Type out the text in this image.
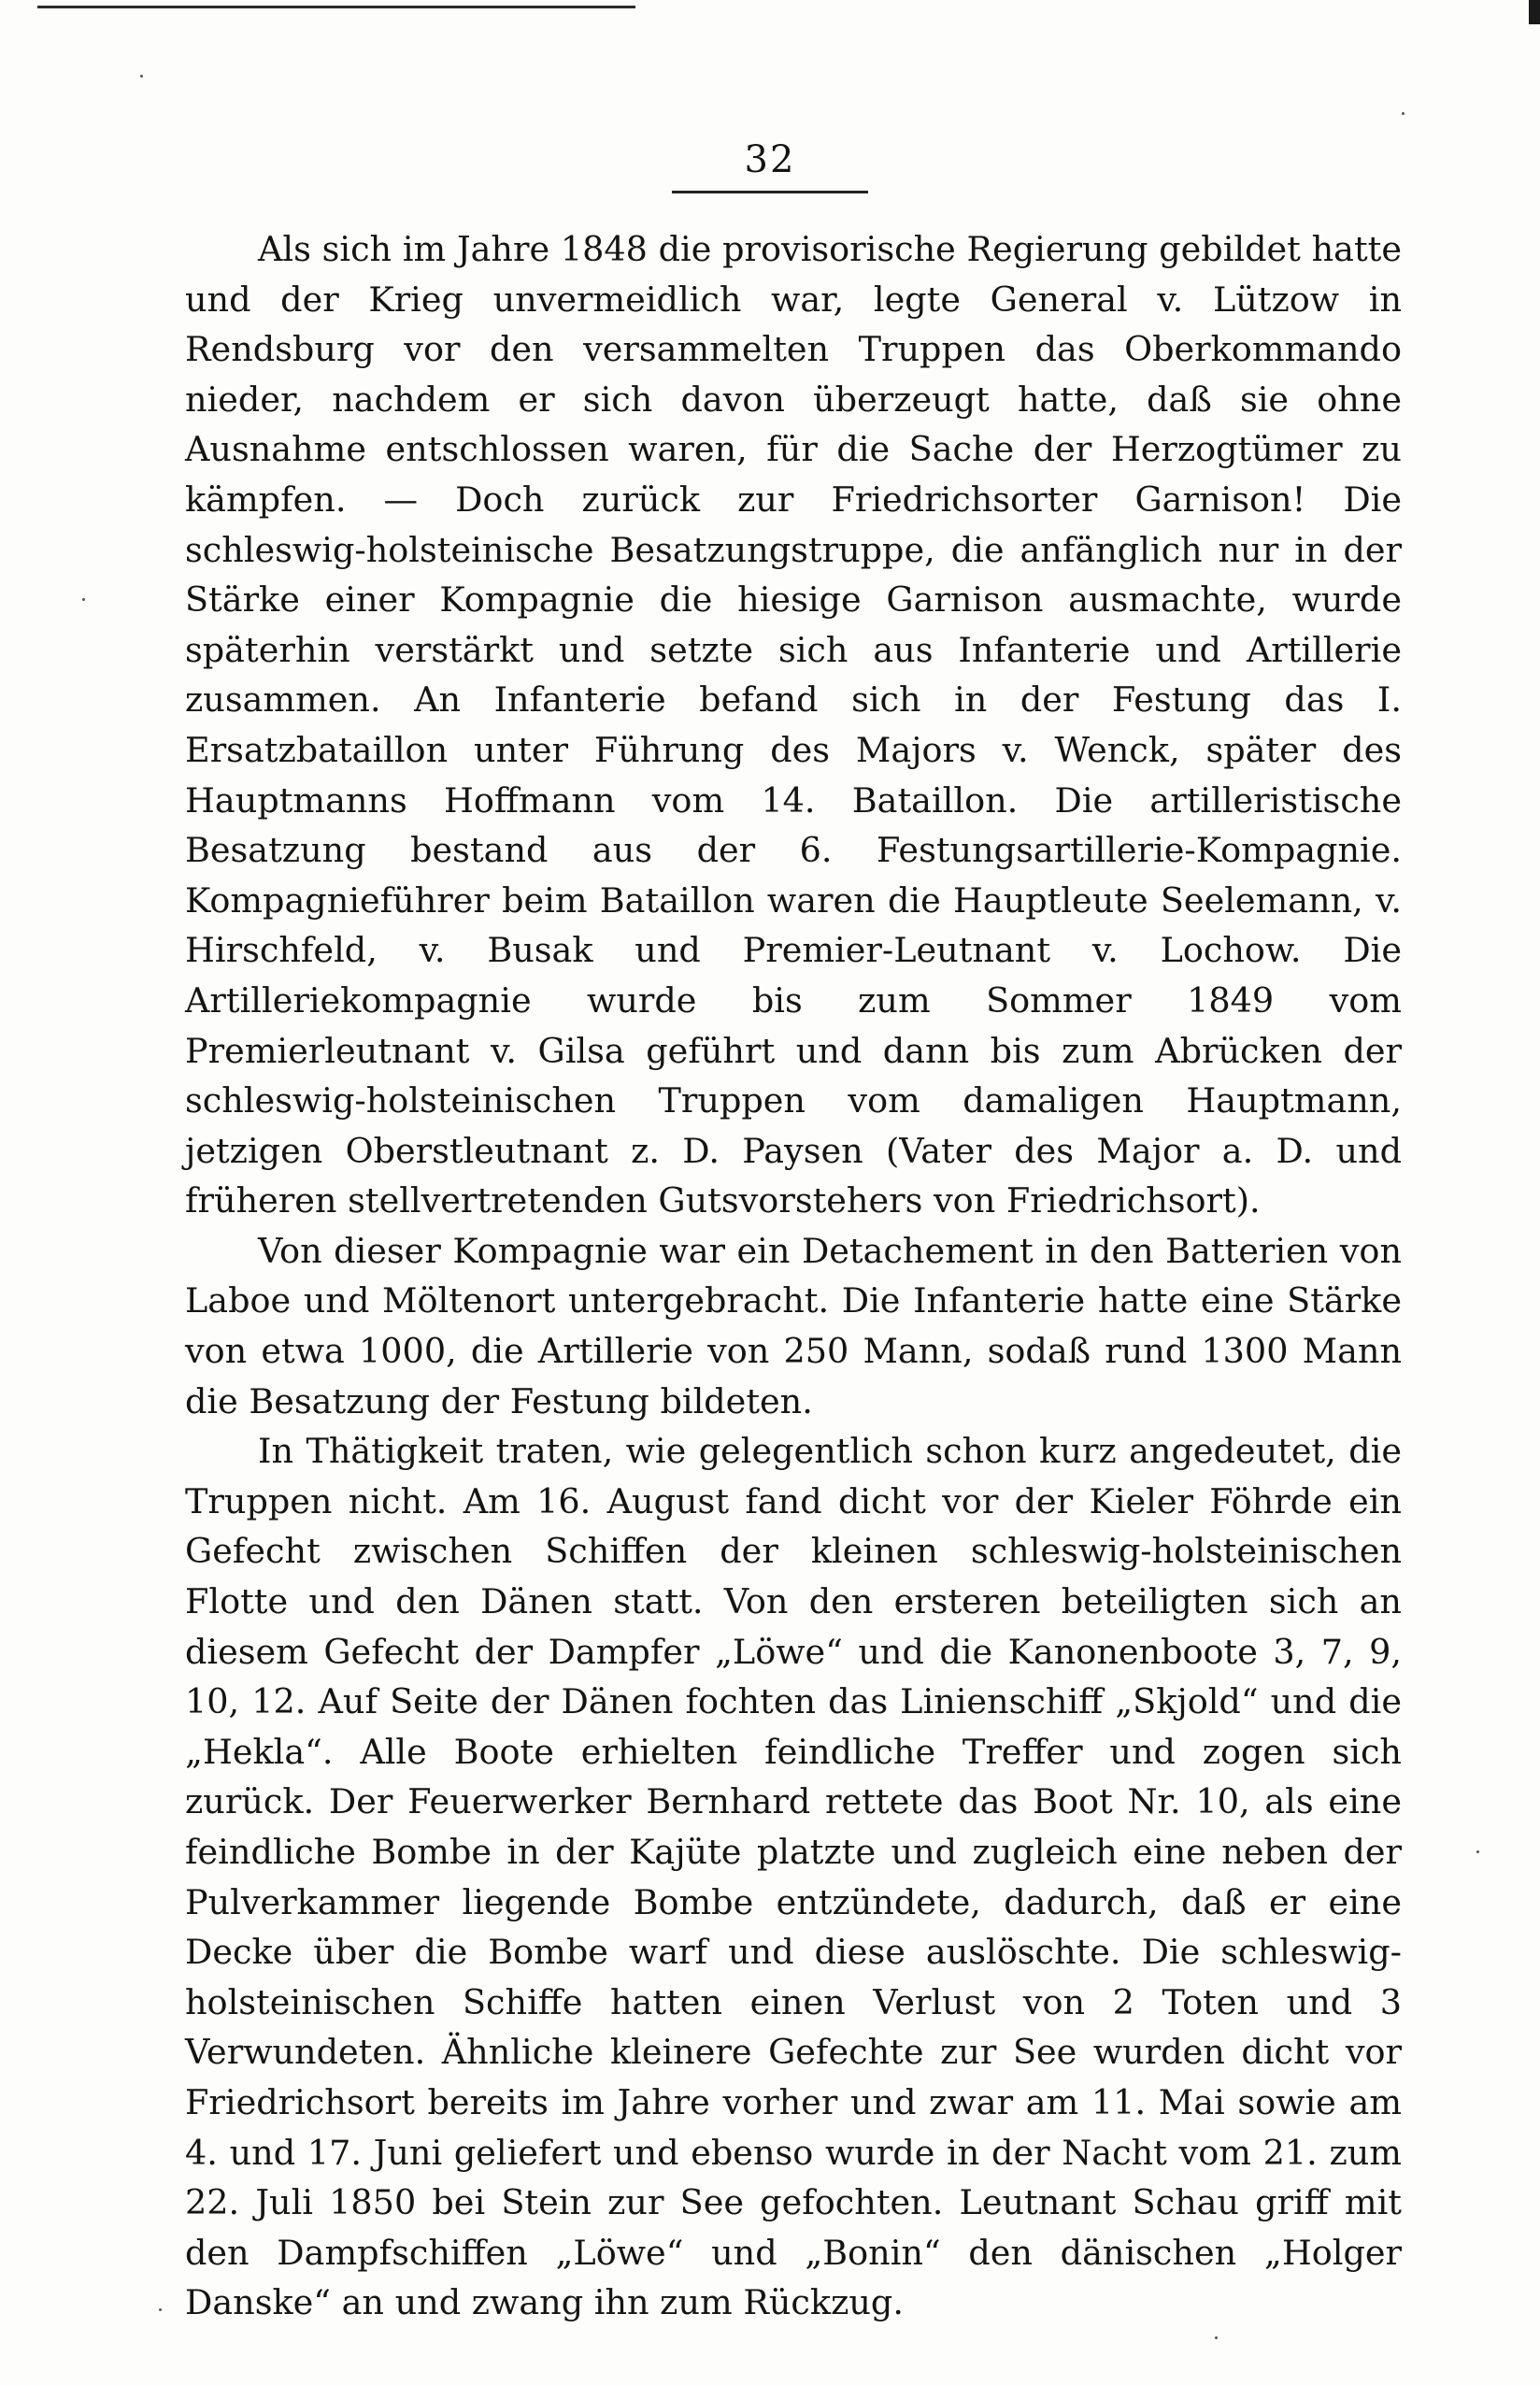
32

Als sich im Jahre 1848 die provisorische Regierung gebildet hatte und der Krieg unvermeidlich war, legte General v. Lützow in Rendsburg vor den versammelten Truppen das Oberkommando nieder, nachdem er sich davon überzeugt hatte, daß sie ohne Ausnahme entschlossen waren, für die Sache der Herzogtümer zu kämpfen. — Doch zurück zur Friedrichsorter Garnison! Die schleswig-holsteinische Besatzungstruppe, die anfänglich nur in der Stärke einer Kompagnie die hiesige Garnison ausmachte, wurde späterhin verstärkt und setzte sich aus Infanterie und Artillerie zusammen. An Infanterie befand sich in der Festung das I. Ersatzbataillon unter Führung des Majors v. Wenck, später des Hauptmanns Hoffmann vom 14. Bataillon. Die artilleristische Besatzung bestand aus der 6. Festungsartillerie-Kompagnie. Kompagnieführer beim Bataillon waren die Hauptleute Seelemann, v. Hirschfeld, v. Busak und Premier-Leutnant v. Lochow. Die Artilleriekompagnie wurde bis zum Sommer 1849 vom Premierleutnant v. Gilsa geführt und dann bis zum Abrücken der schleswig-holsteinischen Truppen vom damaligen Hauptmann, jetzigen Oberstleutnant z. D. Paysen (Vater des Major a. D. und früheren stellvertretenden Gutsvorstehers von Friedrichsort).

Von dieser Kompagnie war ein Detachement in den Batterien von Laboe und Möltenort untergebracht. Die Infanterie hatte eine Stärke von etwa 1000, die Artillerie von 250 Mann, sodaß rund 1300 Mann die Besatzung der Festung bildeten.

In Thätigkeit traten, wie gelegentlich schon kurz angedeutet, die Truppen nicht. Am 16. August fand dicht vor der Kieler Föhrde ein Gefecht zwischen Schiffen der kleinen schleswig-holsteinischen Flotte und den Dänen statt. Von den ersteren beteiligten sich an diesem Gefecht der Dampfer „Löwe“ und die Kanonenboote 3, 7, 9, 10, 12. Auf Seite der Dänen fochten das Linienschiff „Skjold“ und die „Hekla“. Alle Boote erhielten feindliche Treffer und zogen sich zurück. Der Feuerwerker Bernhard rettete das Boot Nr. 10, als eine feindliche Bombe in der Kajüte platzte und zugleich eine neben der Pulverkammer liegende Bombe entzündete, dadurch, daß er eine Decke über die Bombe warf und diese auslöschte. Die schleswig-holsteinischen Schiffe hatten einen Verlust von 2 Toten und 3 Verwundeten. Ähnliche kleinere Gefechte zur See wurden dicht vor Friedrichsort bereits im Jahre vorher und zwar am 11. Mai sowie am 4. und 17. Juni geliefert und ebenso wurde in der Nacht vom 21. zum 22. Juli 1850 bei Stein zur See gefochten. Leutnant Schau griff mit den Dampfschiffen „Löwe“ und „Bonin“ den dänischen „Holger Danske“ an und zwang ihn zum Rückzug.
